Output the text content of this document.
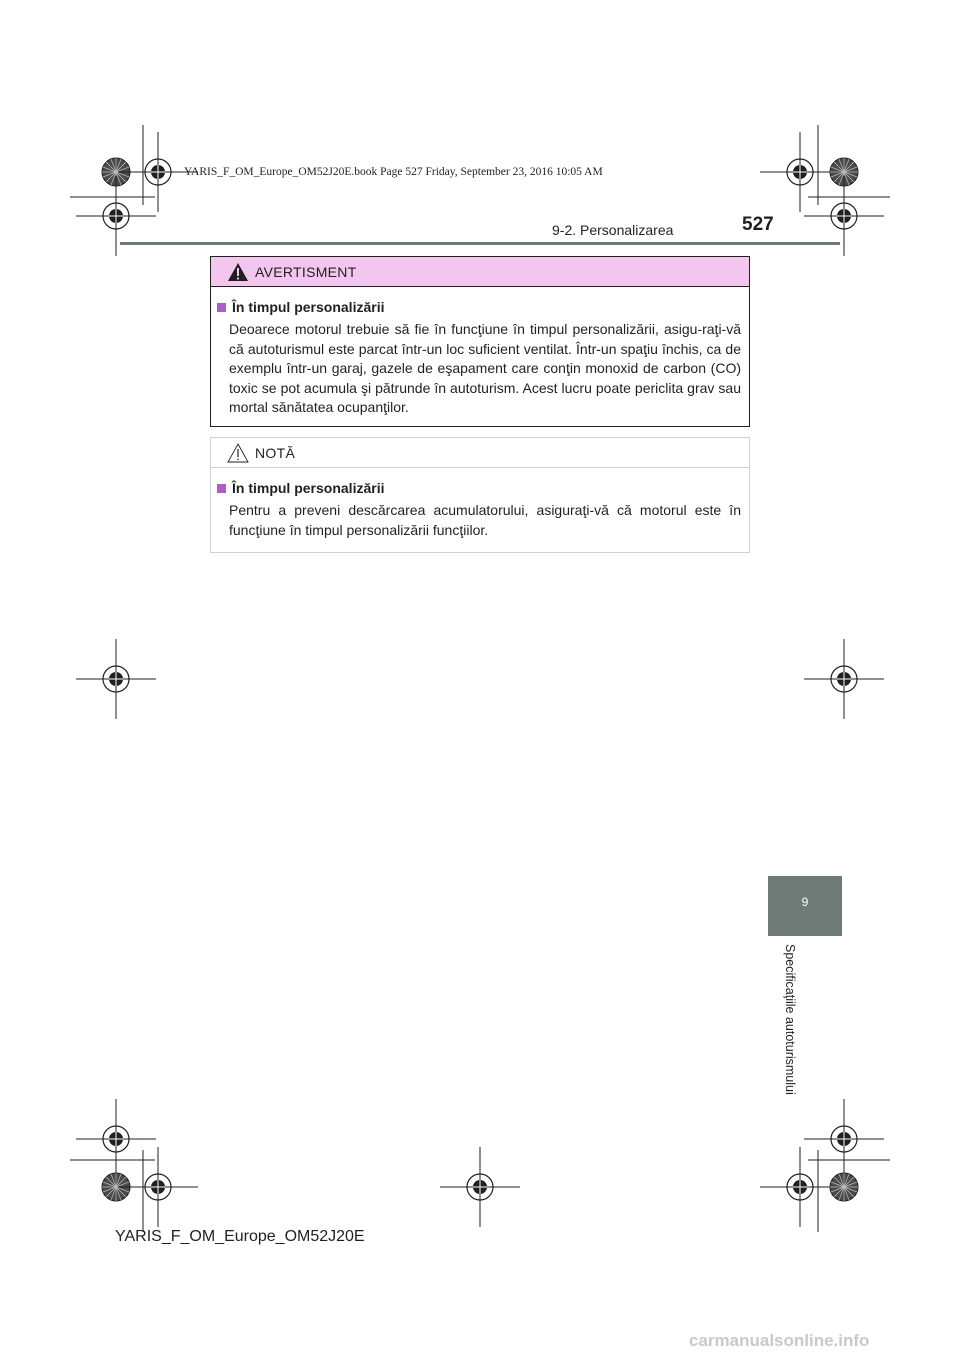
YARIS_F_OM_Europe_OM52J20E.book Page 527 Friday, September 23, 2016 10:05 AM
9-2. Personalizarea	527
AVERTISMENT
În timpul personalizării
Deoarece motorul trebuie să fie în funcţiune în timpul personalizării, asigu-raţi-vă că autoturismul este parcat într-un loc suficient ventilat. Într-un spaţiu închis, ca de exemplu într-un garaj, gazele de eşapament care conţin monoxid de carbon (CO) toxic se pot acumula şi pătrunde în autoturism. Acest lucru poate periclita grav sau mortal sănătatea ocupanţilor.
NOTĂ
În timpul personalizării
Pentru a preveni descărcarea acumulatorului, asiguraţi-vă că motorul este în funcţiune în timpul personalizării funcţiilor.
9
Specificaţiile autoturismului
YARIS_F_OM_Europe_OM52J20E
carmanualsonline.info
